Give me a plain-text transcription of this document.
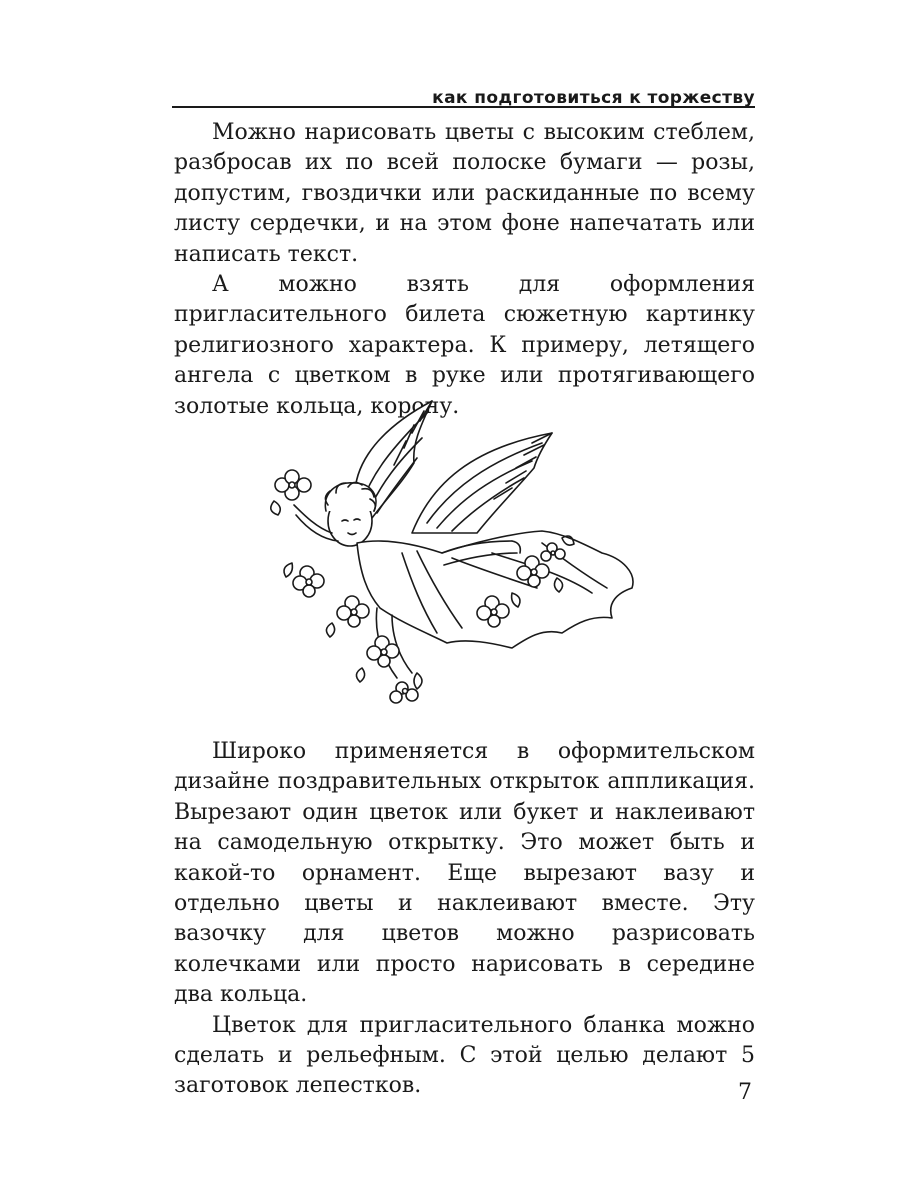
как подготовиться к торжеству

Можно нарисовать цветы с высоким стеблем, разбросав их по всей полоске бумаги — розы, допустим, гвоздички или раскиданные по всему листу сердечки, и на этом фоне напечатать или написать текст.

А можно взять для оформления пригласительного билета сюжетную картинку религиозного характера. К примеру, летящего ангела с цветком в руке или протягивающего золотые кольца, корону.

Широко применяется в оформительском дизайне поздравительных открыток аппликация. Вырезают один цветок или букет и наклеивают на самодельную открытку. Это может быть и какой-то орнамент. Еще вырезают вазу и отдельно цветы и наклеивают вместе. Эту вазочку для цветов можно разрисовать колечками или просто нарисовать в середине два кольца.

Цветок для пригласительного бланка можно сделать и рельефным. С этой целью делают 5 заготовок лепестков.	7
